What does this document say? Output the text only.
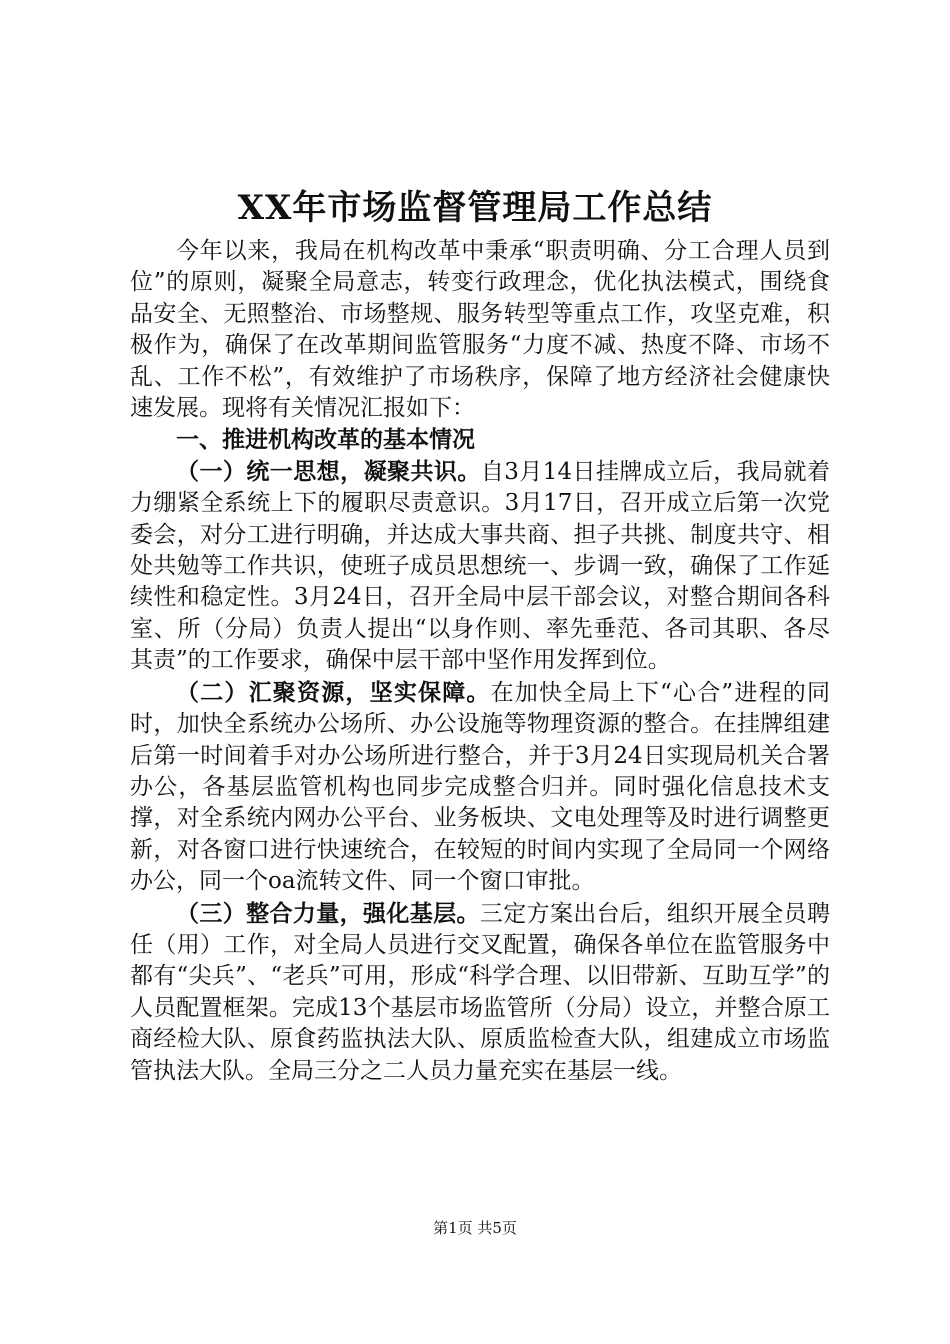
XX年市场监督管理局工作总结

今年以来，我局在机构改革中秉承“职责明确、分工合理人员到位”的原则，凝聚全局意志，转变行政理念，优化执法模式，围绕食品安全、无照整治、市场整规、服务转型等重点工作，攻坚克难，积极作为，确保了在改革期间监管服务“力度不减、热度不降、市场不乱、工作不松”，有效维护了市场秩序，保障了地方经济社会健康快速发展。现将有关情况汇报如下：

一、推进机构改革的基本情况

（一）统一思想，凝聚共识。自3月14日挂牌成立后，我局就着力绷紧全系统上下的履职尽责意识。3月17日，召开成立后第一次党委会，对分工进行明确，并达成大事共商、担子共挑、制度共守、相处共勉等工作共识，使班子成员思想统一、步调一致，确保了工作延续性和稳定性。3月24日，召开全局中层干部会议，对整合期间各科室、所（分局）负责人提出“以身作则、率先垂范、各司其职、各尽其责”的工作要求，确保中层干部中坚作用发挥到位。

（二）汇聚资源，坚实保障。在加快全局上下“心合”进程的同时，加快全系统办公场所、办公设施等物理资源的整合。在挂牌组建后第一时间着手对办公场所进行整合，并于3月24日实现局机关合署办公，各基层监管机构也同步完成整合归并。同时强化信息技术支撑，对全系统内网办公平台、业务板块、文电处理等及时进行调整更新，对各窗口进行快速统合，在较短的时间内实现了全局同一个网络办公，同一个oa流转文件、同一个窗口审批。

（三）整合力量，强化基层。三定方案出台后，组织开展全员聘任（用）工作，对全局人员进行交叉配置，确保各单位在监管服务中都有“尖兵”、“老兵”可用，形成“科学合理、以旧带新、互助互学”的人员配置框架。完成13个基层市场监管所（分局）设立，并整合原工商经检大队、原食药监执法大队、原质监检查大队，组建成立市场监管执法大队。全局三分之二人员力量充实在基层一线。

第1页 共5页
